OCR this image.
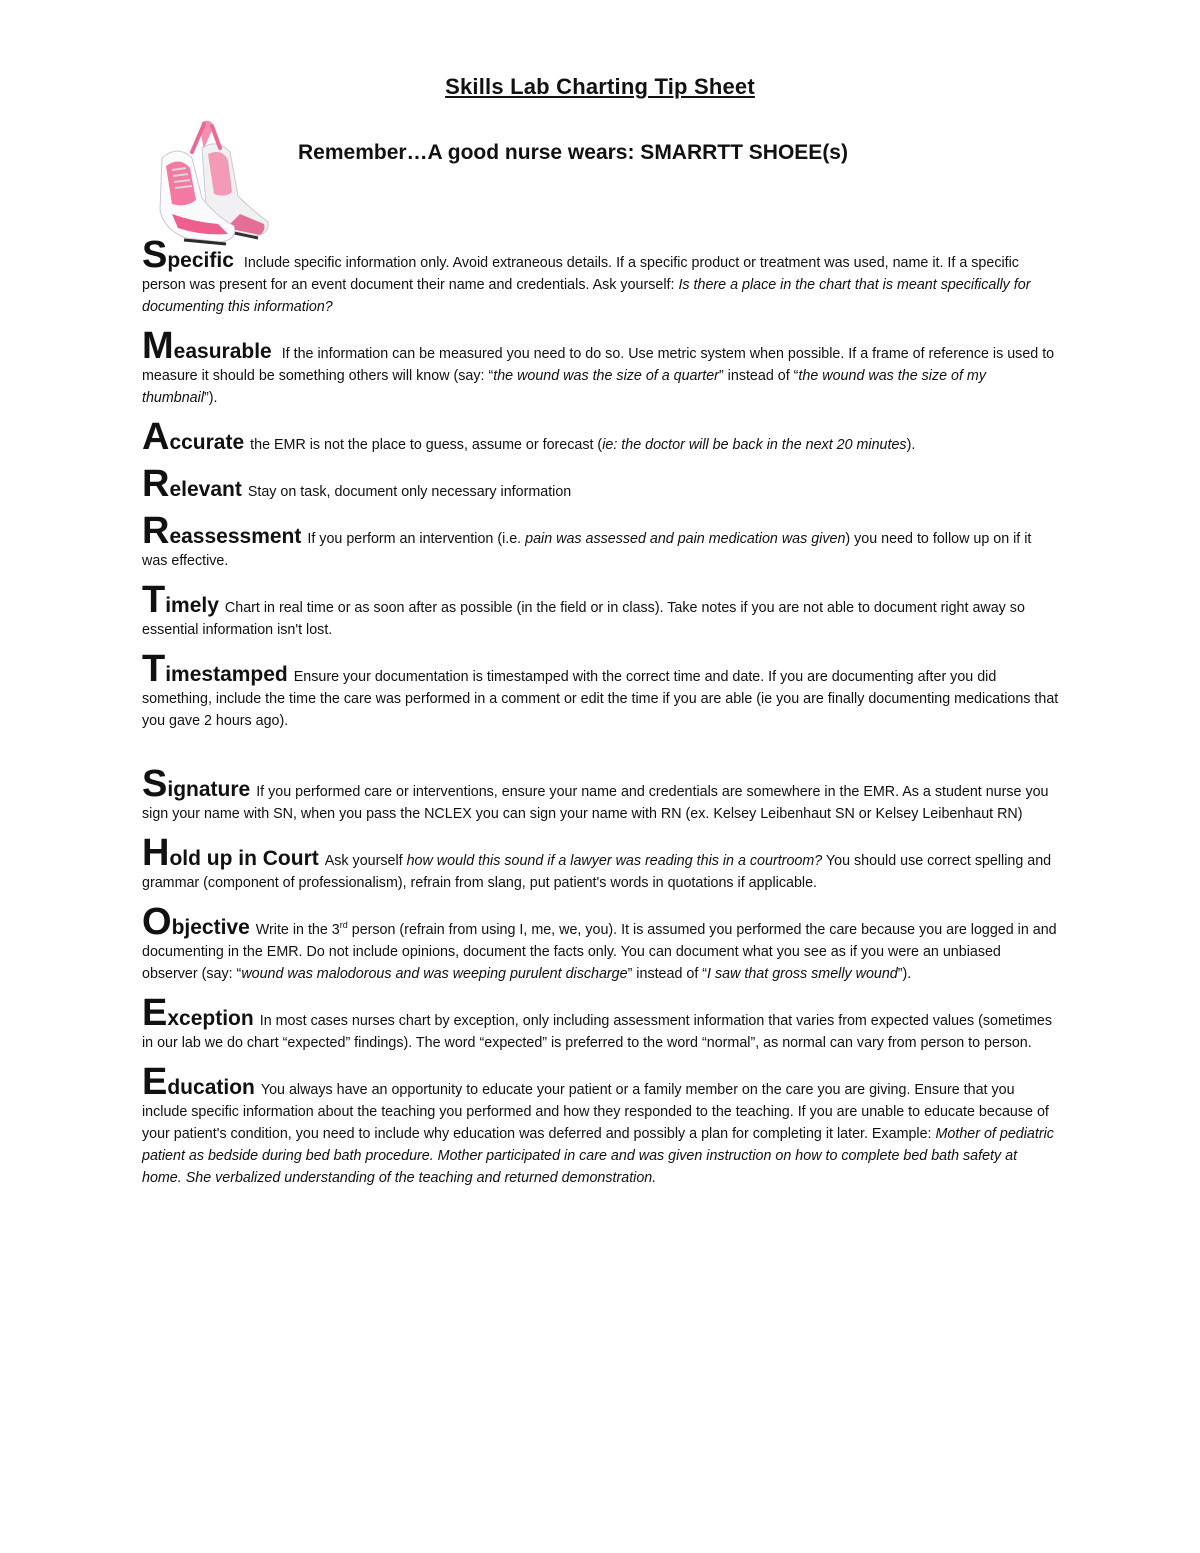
Skills Lab Charting Tip Sheet
Remember…A good nurse wears: SMARRTT SHOEE(s)
Specific Include specific information only. Avoid extraneous details. If a specific product or treatment was used, name it. If a specific person was present for an event document their name and credentials. Ask yourself: Is there a place in the chart that is meant specifically for documenting this information?
Measurable If the information can be measured you need to do so. Use metric system when possible. If a frame of reference is used to measure it should be something others will know (say: “the wound was the size of a quarter” instead of “the wound was the size of my thumbnail”).
Accurate the EMR is not the place to guess, assume or forecast (ie: the doctor will be back in the next 20 minutes).
Relevant Stay on task, document only necessary information
Reassessment If you perform an intervention (i.e. pain was assessed and pain medication was given) you need to follow up on if it was effective.
Timely Chart in real time or as soon after as possible (in the field or in class). Take notes if you are not able to document right away so essential information isn't lost.
Timestamped Ensure your documentation is timestamped with the correct time and date. If you are documenting after you did something, include the time the care was performed in a comment or edit the time if you are able (ie you are finally documenting medications that you gave 2 hours ago).
Signature If you performed care or interventions, ensure your name and credentials are somewhere in the EMR. As a student nurse you sign your name with SN, when you pass the NCLEX you can sign your name with RN (ex. Kelsey Leibenhaut SN or Kelsey Leibenhaut RN)
Hold up in Court Ask yourself how would this sound if a lawyer was reading this in a courtroom? You should use correct spelling and grammar (component of professionalism), refrain from slang, put patient's words in quotations if applicable.
Objective Write in the 3rd person (refrain from using I, me, we, you). It is assumed you performed the care because you are logged in and documenting in the EMR. Do not include opinions, document the facts only. You can document what you see as if you were an unbiased observer (say: “wound was malodorous and was weeping purulent discharge” instead of “I saw that gross smelly wound”).
Exception In most cases nurses chart by exception, only including assessment information that varies from expected values (sometimes in our lab we do chart “expected” findings). The word “expected” is preferred to the word “normal”, as normal can vary from person to person.
Education You always have an opportunity to educate your patient or a family member on the care you are giving. Ensure that you include specific information about the teaching you performed and how they responded to the teaching. If you are unable to educate because of your patient's condition, you need to include why education was deferred and possibly a plan for completing it later. Example: Mother of pediatric patient as bedside during bed bath procedure. Mother participated in care and was given instruction on how to complete bed bath safety at home. She verbalized understanding of the teaching and returned demonstration.
